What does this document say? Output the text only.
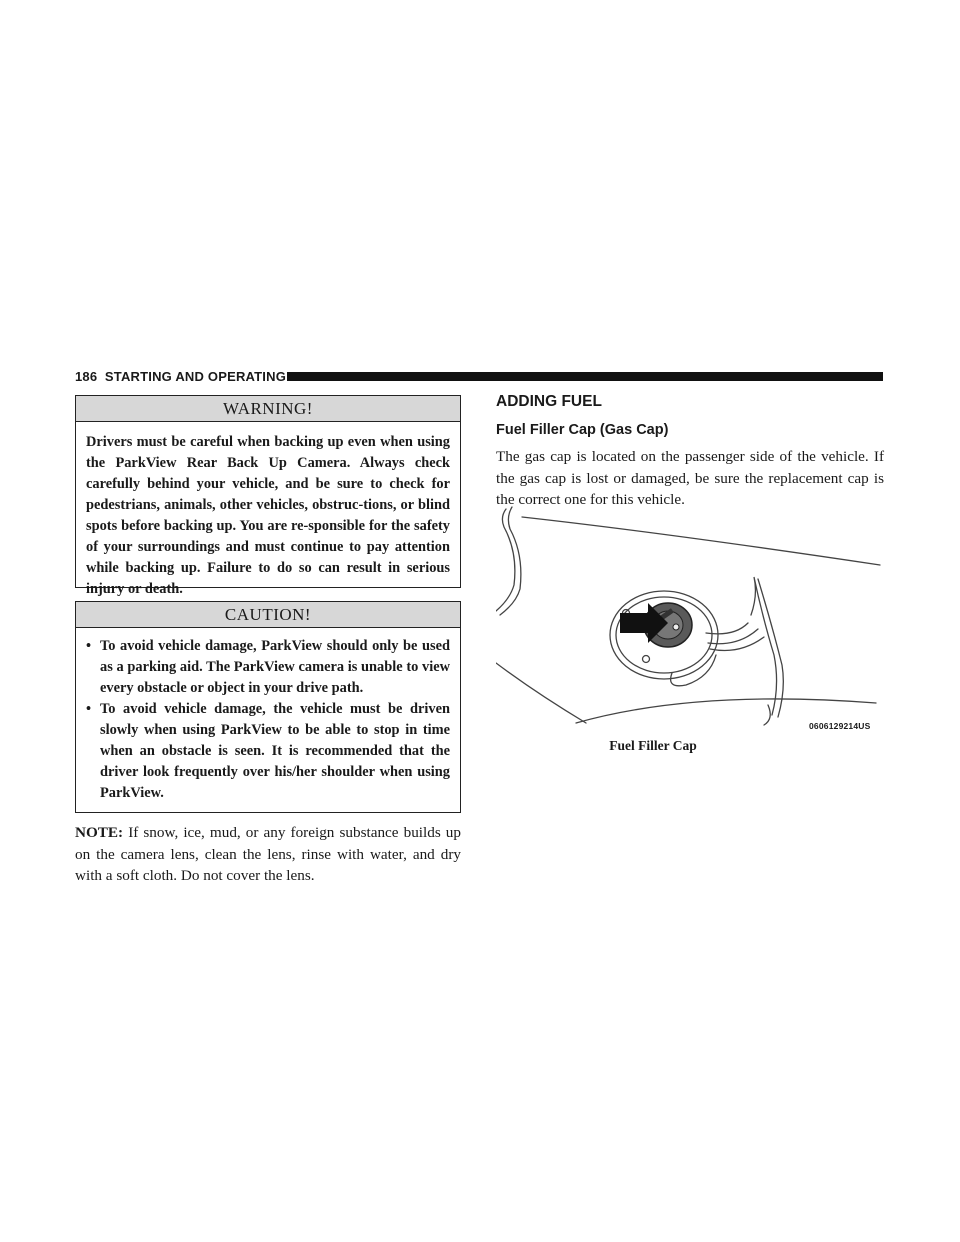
186 STARTING AND OPERATING
WARNING!
Drivers must be careful when backing up even when using the ParkView Rear Back Up Camera. Always check carefully behind your vehicle, and be sure to check for pedestrians, animals, other vehicles, obstruc-tions, or blind spots before backing up. You are re-sponsible for the safety of your surroundings and must continue to pay attention while backing up. Failure to do so can result in serious injury or death.
CAUTION!
• To avoid vehicle damage, ParkView should only be used as a parking aid. The ParkView camera is unable to view every obstacle or object in your drive path.
• To avoid vehicle damage, the vehicle must be driven slowly when using ParkView to be able to stop in time when an obstacle is seen. It is recommended that the driver look frequently over his/her shoulder when using ParkView.
NOTE: If snow, ice, mud, or any foreign substance builds up on the camera lens, clean the lens, rinse with water, and dry with a soft cloth. Do not cover the lens.
ADDING FUEL
Fuel Filler Cap (Gas Cap)
The gas cap is located on the passenger side of the vehicle. If the gas cap is lost or damaged, be sure the replacement cap is the correct one for this vehicle.
0606129214US
Fuel Filler Cap
